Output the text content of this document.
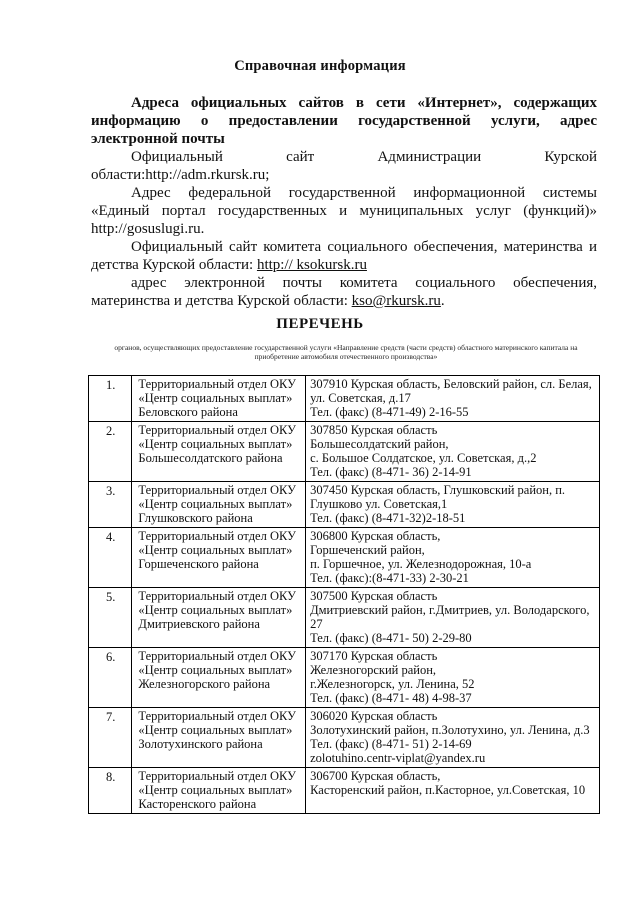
Справочная информация
Адреса официальных сайтов в сети «Интернет», содержащих информацию о предоставлении государственной услуги, адрес электронной почты
Официальный сайт Администрации Курской области:http://adm.rkursk.ru;
Адрес федеральной государственной информационной системы «Единый портал государственных и муниципальных услуг (функций)» http://gosuslugi.ru.
Официальный сайт комитета социального обеспечения, материнства и детства Курской области: http:// ksokursk.ru
адрес электронной почты комитета социального обеспечения, материнства и детства Курской области: kso@rkursk.ru.
ПЕРЕЧЕНЬ
органов, осуществляющих предоставление государственной услуги «Направление средств (части средств) областного материнского капитала на приобретение автомобиля отечественного производства»
1.	Территориальный отдел ОКУ «Центр социальных выплат» Беловского района	307910 Курская область, Беловский район, сл. Белая, ул. Советская, д.17
Тел. (факс) (8-471-49) 2-16-55

2.	Территориальный отдел ОКУ «Центр социальных выплат» Большесолдатского района	307850 Курская область
Большесолдатский район,
с. Большое Солдатское, ул. Советская, д.,2
Тел. (факс) (8-471- 36) 2-14-91

3.	Территориальный отдел ОКУ «Центр социальных выплат» Глушковского района	307450 Курская область, Глушковский район, п. Глушково ул. Советская,1
Тел. (факс) (8-471-32)2-18-51

4.	Территориальный отдел ОКУ «Центр социальных выплат» Горшеченского района	306800 Курская область,
Горшеченский район,
п. Горшечное, ул. Железнодорожная, 10-а
Тел. (факс):(8-471-33) 2-30-21

5.	Территориальный отдел ОКУ «Центр социальных выплат» Дмитриевского района	307500 Курская область
Дмитриевский район, г.Дмитриев, ул. Володарского, 27
Тел. (факс) (8-471- 50) 2-29-80

6.	Территориальный отдел ОКУ «Центр социальных выплат» Железногорского района	307170 Курская область
Железногорский район,
г.Железногорск, ул. Ленина, 52
Тел. (факс) (8-471- 48) 4-98-37

7.	Территориальный отдел ОКУ «Центр социальных выплат» Золотухинского района	306020 Курская область
Золотухинский район, п.Золотухино, ул. Ленина, д.3 Тел. (факс) (8-471- 51) 2-14-69
zolotuhino.centr-viplat@yandex.ru

8.	Территориальный отдел ОКУ «Центр социальных выплат» Касторенского района	306700 Курская область,
Касторенский район, п.Касторное, ул.Советская, 10
